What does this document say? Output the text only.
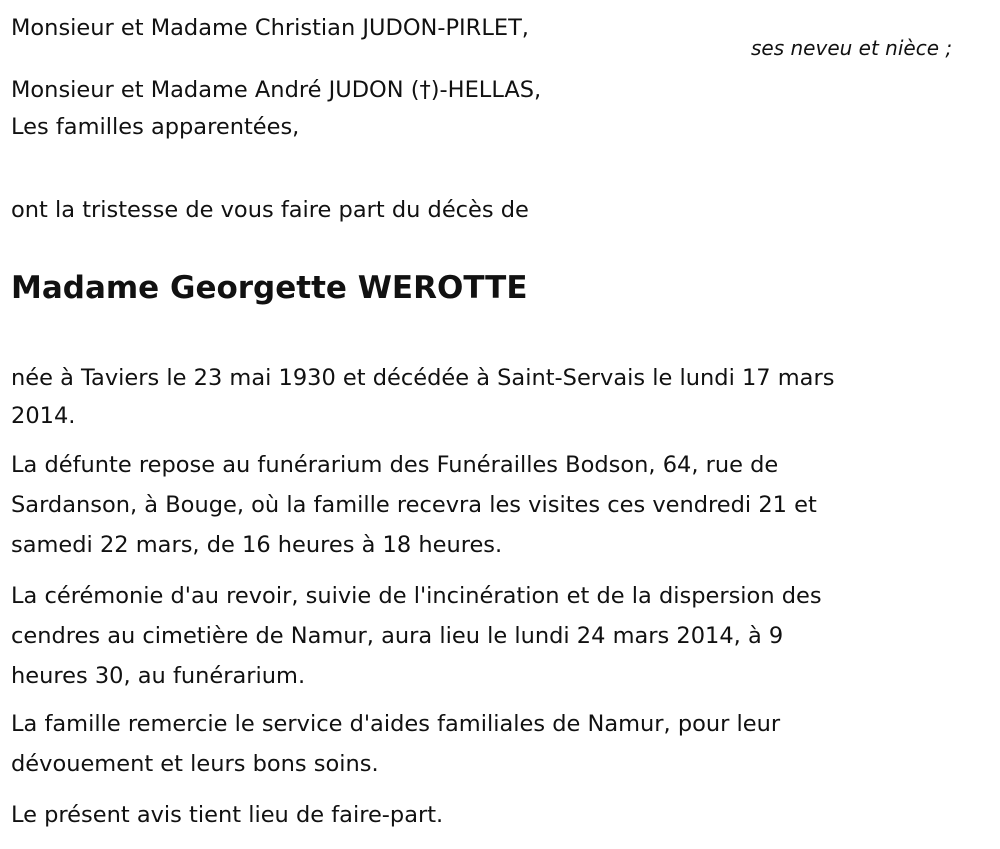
Monsieur et Madame Christian JUDON-PIRLET,
ses neveu et nièce ;
Monsieur et Madame André JUDON (†)-HELLAS,
Les familles apparentées,
ont la tristesse de vous faire part du décès de
Madame Georgette WEROTTE
née à Taviers le 23 mai 1930 et décédée à Saint-Servais le lundi 17 mars
2014.
La défunte repose au funérarium des Funérailles Bodson, 64, rue de
Sardanson, à Bouge, où la famille recevra les visites ces vendredi 21 et
samedi 22 mars, de 16 heures à 18 heures.
La cérémonie d'au revoir, suivie de l'incinération et de la dispersion des
cendres au cimetière de Namur, aura lieu le lundi 24 mars 2014, à 9
heures 30, au funérarium.
La famille remercie le service d'aides familiales de Namur, pour leur
dévouement et leurs bons soins.
Le présent avis tient lieu de faire-part.
